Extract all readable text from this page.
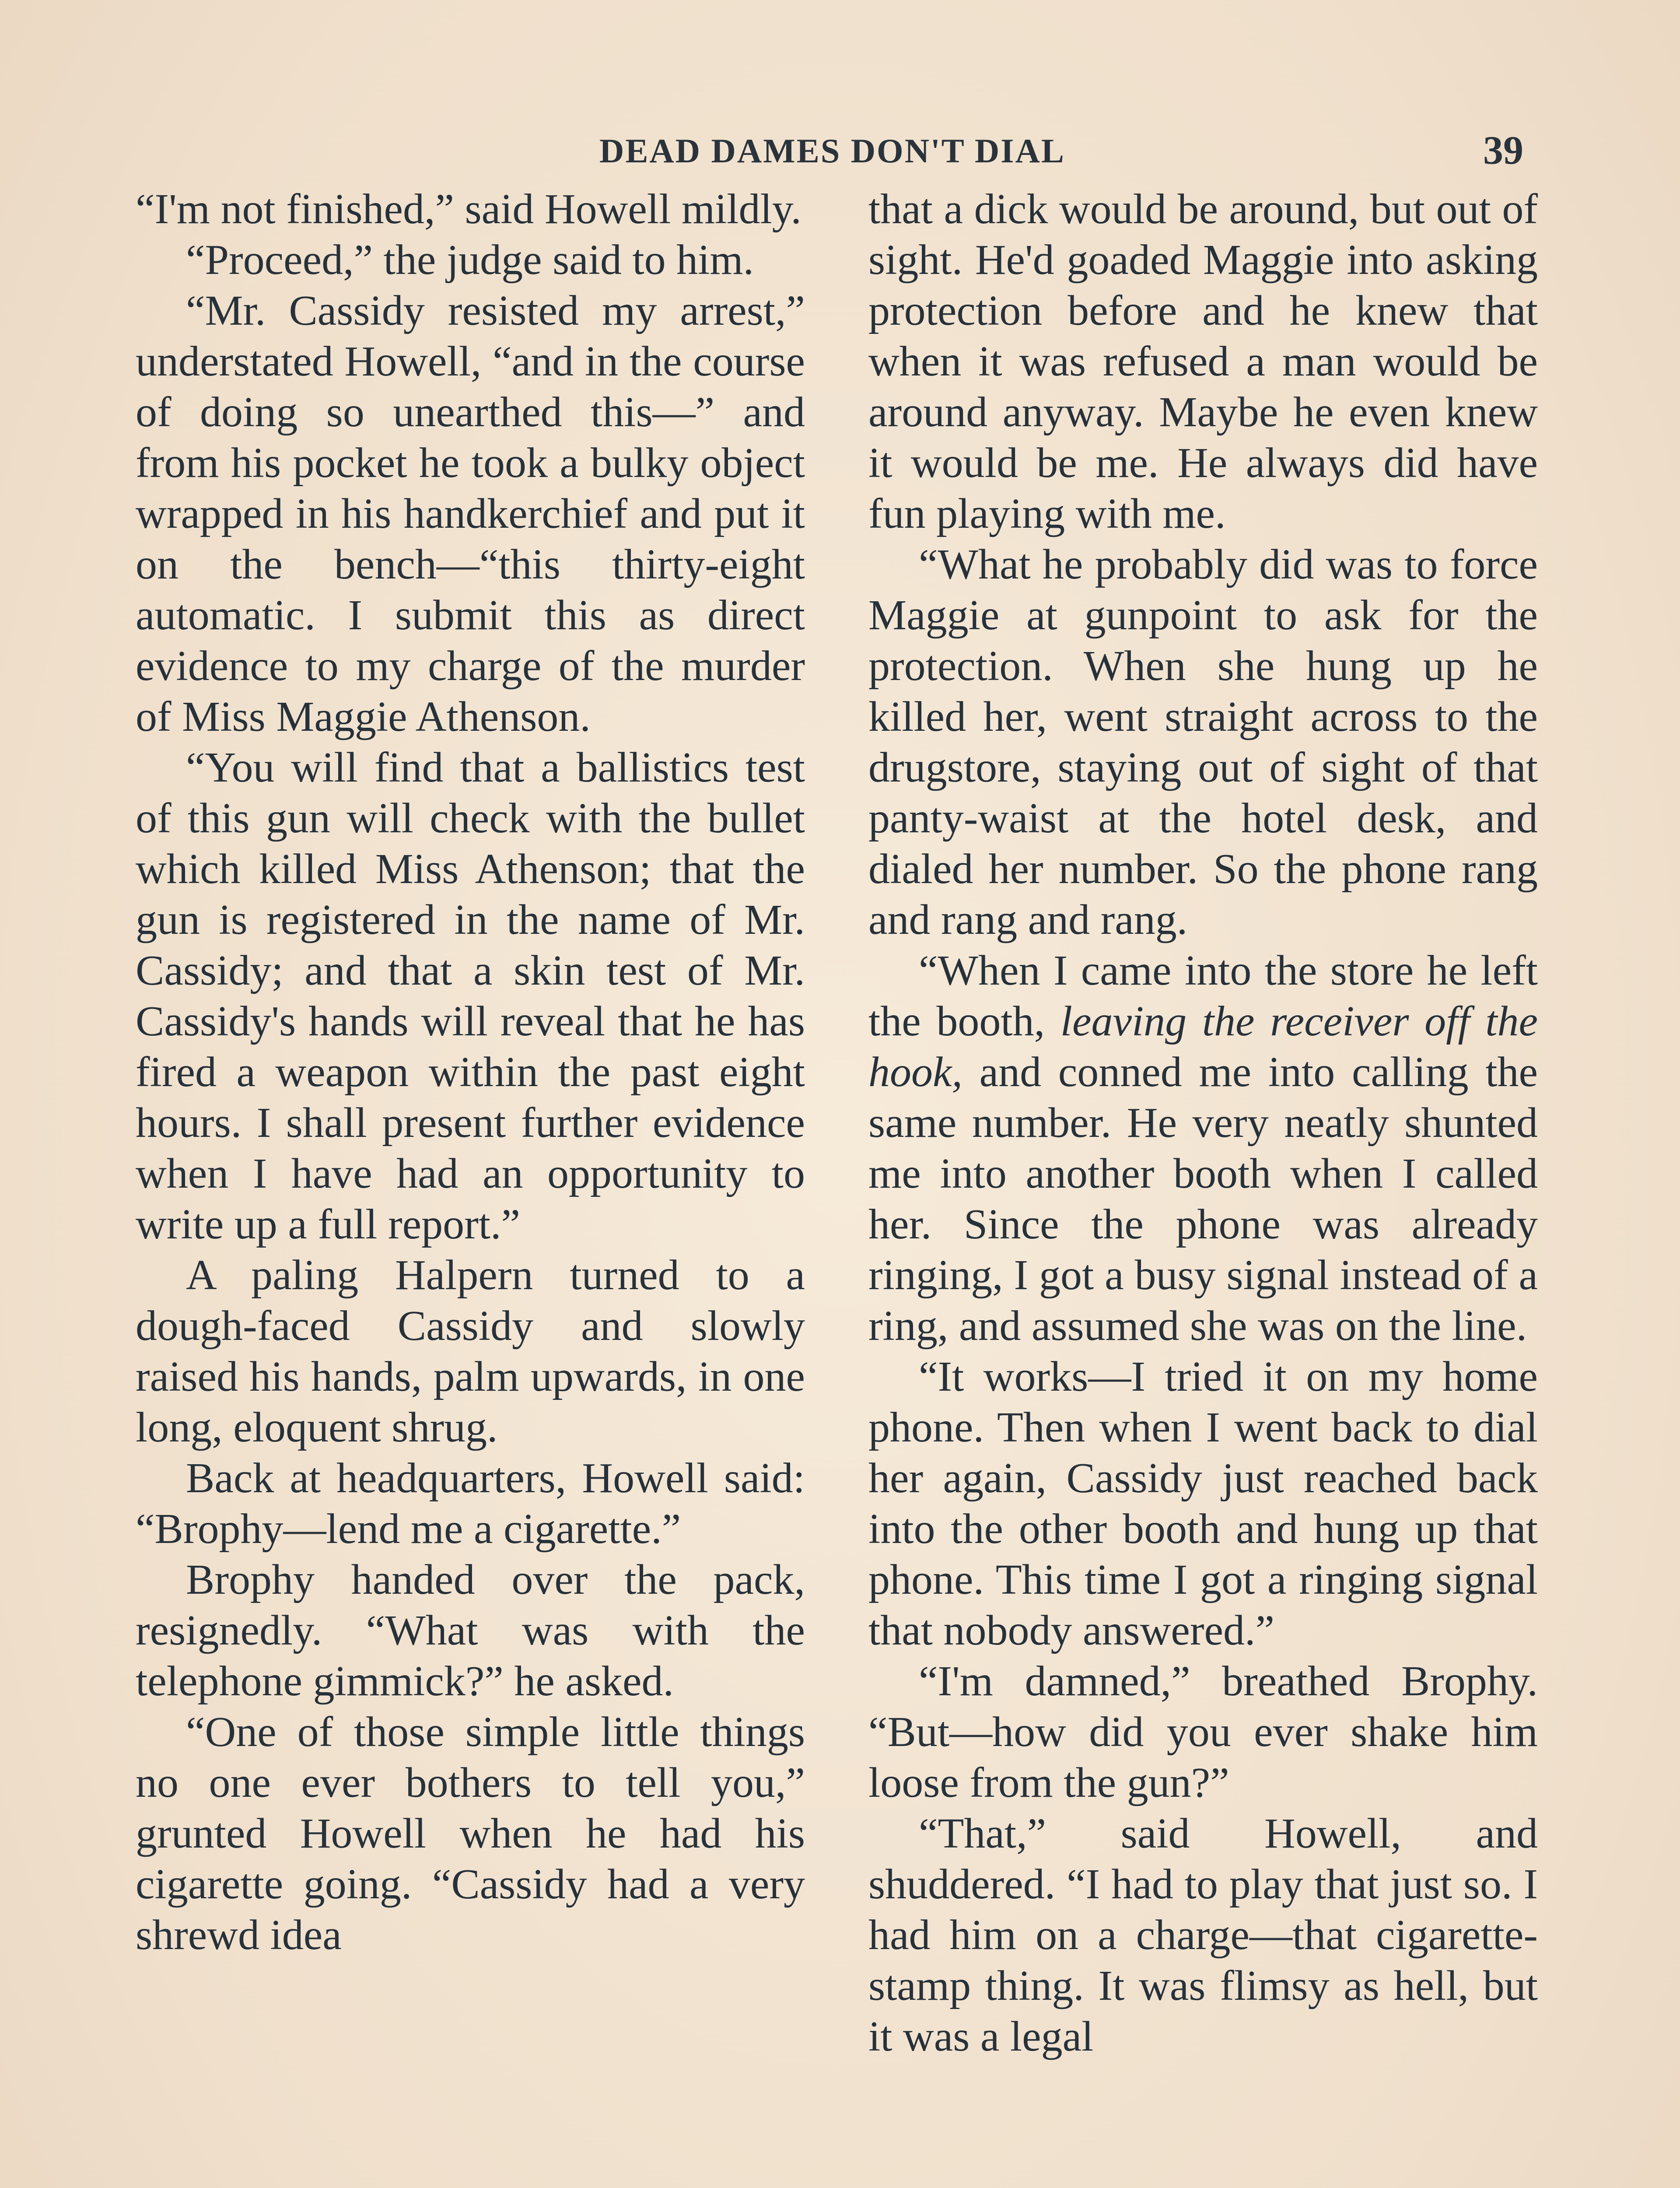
DEAD DAMES DON'T DIAL	39

“I'm not finished,” said Howell mildly.

“Proceed,” the judge said to him.

“Mr. Cassidy resisted my arrest,” understated Howell, “and in the course of doing so unearthed this—” and from his pocket he took a bulky object wrapped in his handkerchief and put it on the bench—“this thirty-eight automatic. I submit this as direct evidence to my charge of the murder of Miss Maggie Athenson.

“You will find that a ballistics test of this gun will check with the bullet which killed Miss Athenson; that the gun is registered in the name of Mr. Cassidy; and that a skin test of Mr. Cassidy's hands will reveal that he has fired a weapon within the past eight hours. I shall present further evidence when I have had an opportunity to write up a full report.”

A paling Halpern turned to a dough-faced Cassidy and slowly raised his hands, palm upwards, in one long, eloquent shrug.

Back at headquarters, Howell said: “Brophy—lend me a cigarette.”

Brophy handed over the pack, resignedly. “What was with the telephone gimmick?” he asked.

“One of those simple little things no one ever bothers to tell you,” grunted Howell when he had his cigarette going. “Cassidy had a very shrewd idea

that a dick would be around, but out of sight. He'd goaded Maggie into asking protection before and he knew that when it was refused a man would be around anyway. Maybe he even knew it would be me. He always did have fun playing with me.

“What he probably did was to force Maggie at gunpoint to ask for the protection. When she hung up he killed her, went straight across to the drugstore, staying out of sight of that panty-waist at the hotel desk, and dialed her number. So the phone rang and rang and rang.

“When I came into the store he left the booth, leaving the receiver off the hook, and conned me into calling the same number. He very neatly shunted me into another booth when I called her. Since the phone was already ringing, I got a busy signal instead of a ring, and assumed she was on the line.

“It works—I tried it on my home phone. Then when I went back to dial her again, Cassidy just reached back into the other booth and hung up that phone. This time I got a ringing signal that nobody answered.”

“I'm damned,” breathed Brophy. “But—how did you ever shake him loose from the gun?”

“That,” said Howell, and shuddered. “I had to play that just so. I had him on a charge—that cigarette-stamp thing. It was flimsy as hell, but it was a legal
